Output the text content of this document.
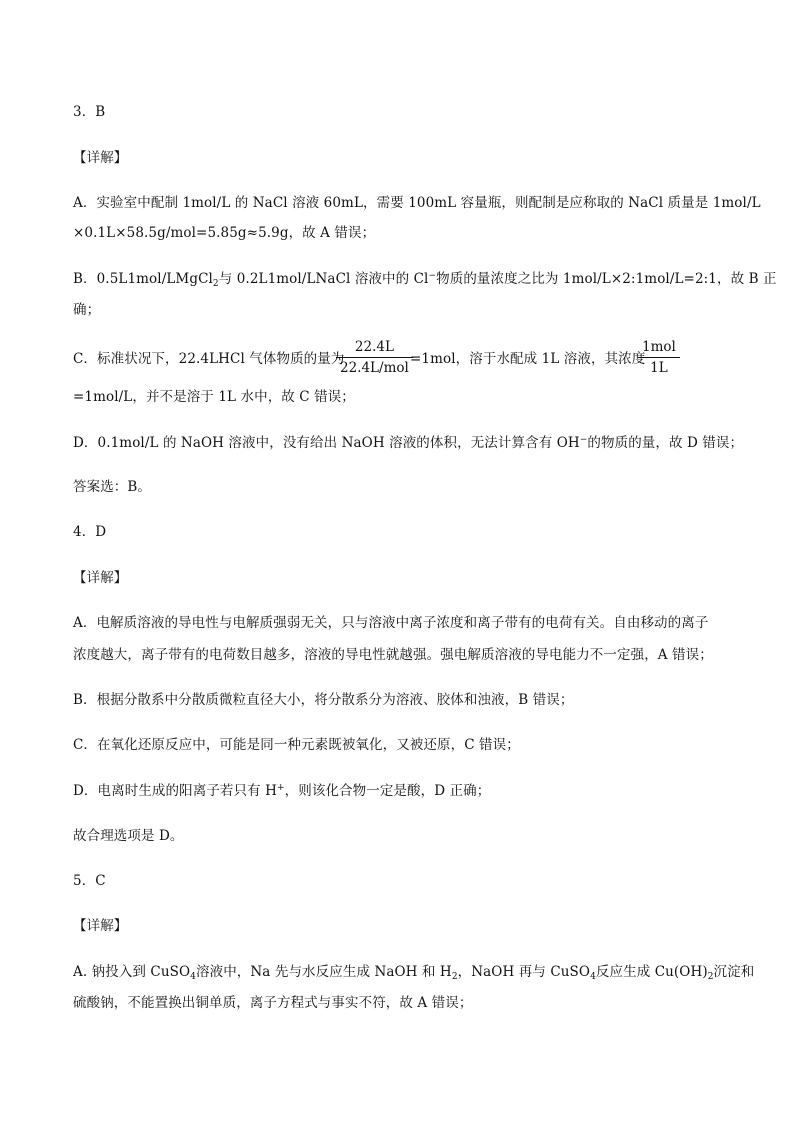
3．B
【详解】
A．实验室中配制 1mol/L 的 NaCl 溶液 60mL，需要 100mL 容量瓶，则配制是应称取的 NaCl 质量是 1mol/L
×0.1L×58.5g/mol=5.85g≈5.9g，故 A 错误；
B．0.5L1mol/LMgCl$_2$与 0.2L1mol/LNaCl 溶液中的 Cl−物质的量浓度之比为 1mol/L×2:1mol/L=2:1，故 B 正
确；
C．标准状况下，22.4LHCl 气体物质的量为
22.4L
22.4L/mol
=1mol，溶于水配成 1L 溶液，其浓度
1mol
1L
=1mol/L，并不是溶于 1L 水中，故 C 错误；
D．0.1mol/L 的 NaOH 溶液中，没有给出 NaOH 溶液的体积，无法计算含有 OH−的物质的量，故 D 错误；
答案选：B。
4．D
【详解】
A．电解质溶液的导电性与电解质强弱无关，只与溶液中离子浓度和离子带有的电荷有关。自由移动的离子
浓度越大，离子带有的电荷数目越多，溶液的导电性就越强。强电解质溶液的导电能力不一定强，A 错误；
B．根据分散系中分散质微粒直径大小，将分散系分为溶液、胶体和浊液，B 错误；
C．在氧化还原反应中，可能是同一种元素既被氧化，又被还原，C 错误；
D．电离时生成的阳离子若只有 H+，则该化合物一定是酸，D 正确；
故合理选项是 D。
5．C
【详解】
A. 钠投入到 CuSO$_4$溶液中，Na 先与水反应生成 NaOH 和 $H_2$，NaOH 再与 CuSO$_4$反应生成 $Cu(OH)_2$沉淀和
硫酸钠，不能置换出铜单质，离子方程式与事实不符，故 A 错误；
